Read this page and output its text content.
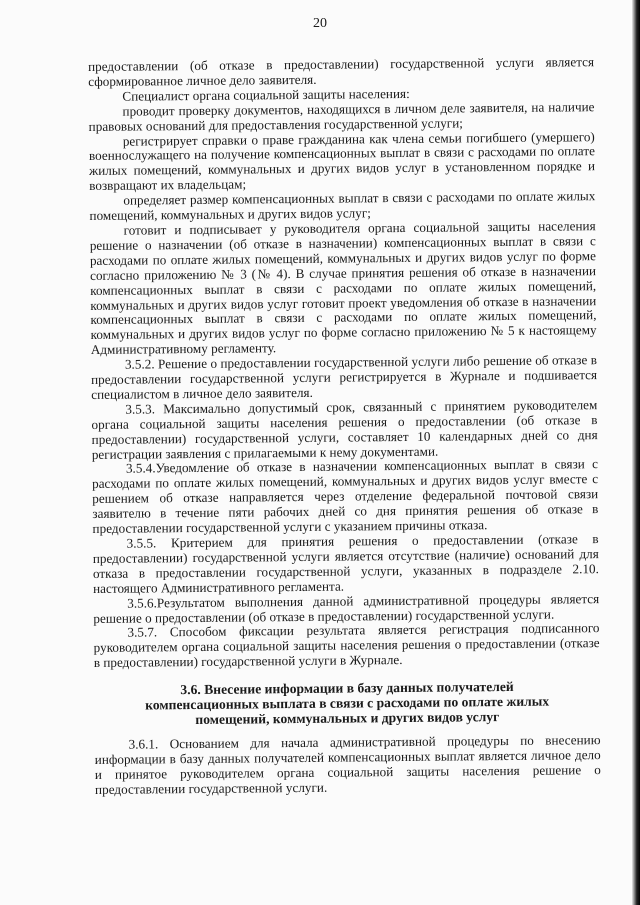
20

предоставлении (об отказе в предоставлении) государственной услуги является сформированное личное дело заявителя.

Специалист органа социальной защиты населения:

проводит проверку документов, находящихся в личном деле заявителя, на наличие правовых оснований для предоставления государственной услуги;

регистрирует справки о праве гражданина как члена семьи погибшего (умершего) военнослужащего на получение компенсационных выплат в связи с расходами по оплате жилых помещений, коммунальных и других видов услуг в установленном порядке и возвращают их владельцам;

определяет размер компенсационных выплат в связи с расходами по оплате жилых помещений, коммунальных и других видов услуг;

готовит и подписывает у руководителя органа социальной защиты населения решение о назначении (об отказе в назначении) компенсационных выплат в связи с расходами по оплате жилых помещений, коммунальных и других видов услуг по форме согласно приложению № 3 (№ 4). В случае принятия решения об отказе в назначении компенсационных выплат в связи с расходами по оплате жилых помещений, коммунальных и других видов услуг готовит проект уведомления об отказе в назначении компенсационных выплат в связи с расходами по оплате жилых помещений, коммунальных и других видов услуг по форме согласно приложению № 5 к настоящему Административному регламенту.

3.5.2. Решение о предоставлении государственной услуги либо решение об отказе в предоставлении государственной услуги регистрируется в Журнале и подшивается специалистом в личное дело заявителя.

3.5.3. Максимально допустимый срок, связанный с принятием руководителем органа социальной защиты населения решения о предоставлении (об отказе в предоставлении) государственной услуги, составляет 10 календарных дней со дня регистрации заявления с прилагаемыми к нему документами.

3.5.4.Уведомление об отказе в назначении компенсационных выплат в связи с расходами по оплате жилых помещений, коммунальных и других видов услуг вместе с решением об отказе направляется через отделение федеральной почтовой связи заявителю в течение пяти рабочих дней со дня принятия решения об отказе в предоставлении государственной услуги с указанием причины отказа.

3.5.5. Критерием для принятия решения о предоставлении (отказе в предоставлении) государственной услуги является отсутствие (наличие) оснований для отказа в предоставлении государственной услуги, указанных в подразделе 2.10. настоящего Административного регламента.

3.5.6.Результатом выполнения данной административной процедуры является решение о предоставлении (об отказе в предоставлении) государственной услуги.

3.5.7. Способом фиксации результата является регистрация подписанного руководителем органа социальной защиты населения решения о предоставлении (отказе в предоставлении) государственной услуги в Журнале.

3.6. Внесение информации в базу данных получателей
компенсационных выплата в связи с расходами по оплате жилых
помещений, коммунальных и других видов услуг

3.6.1. Основанием для начала административной процедуры по внесению информации в базу данных получателей компенсационных выплат является личное дело и принятое руководителем органа социальной защиты населения решение о предоставлении государственной услуги.
